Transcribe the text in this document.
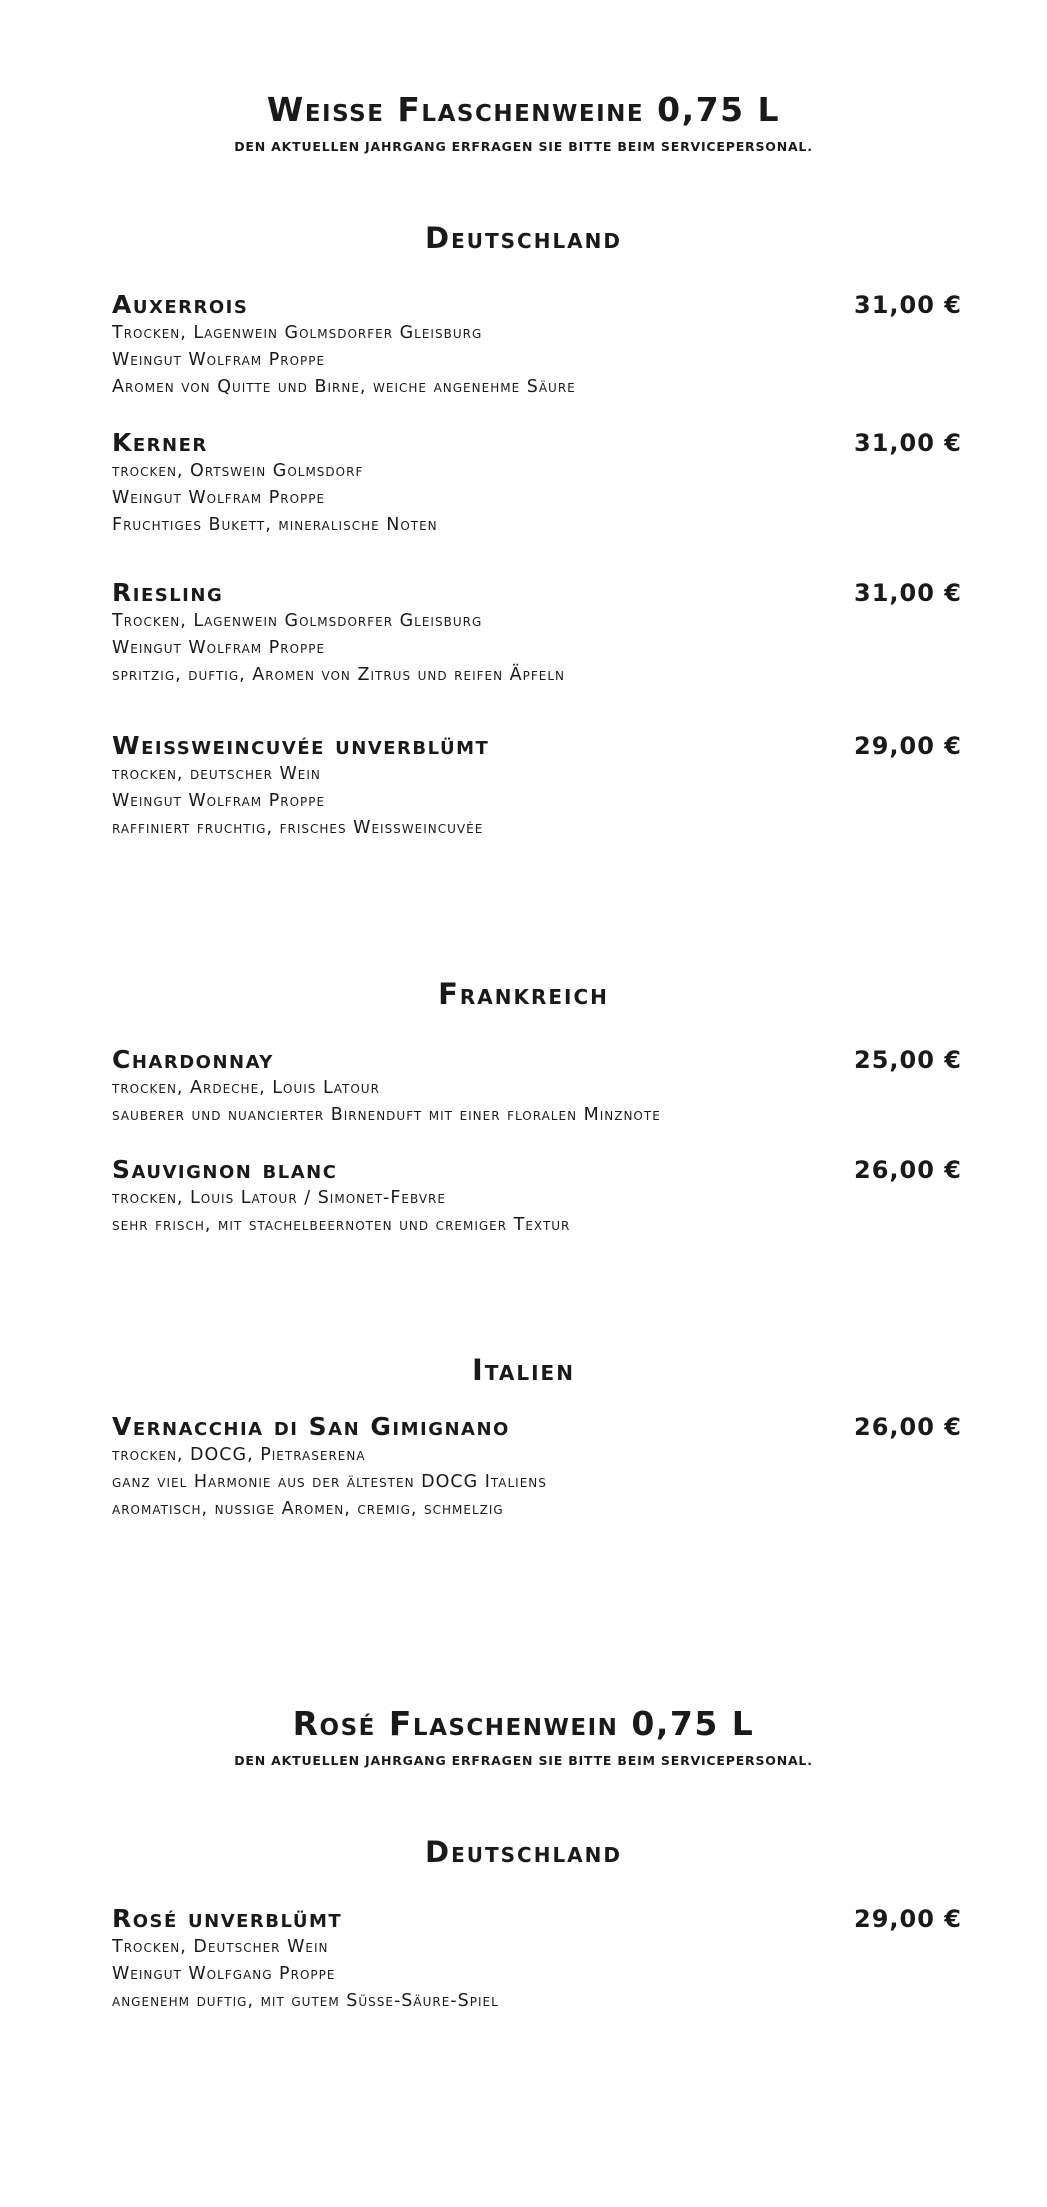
Weisse Flaschenweine 0,75 L
DEN AKTUELLEN JAHRGANG ERFRAGEN SIE BITTE BEIM SERVICEPERSONAL.
Deutschland
Auxerrois	31,00 €
Trocken, Lagenwein Golmsdorfer Gleisburg
Weingut Wolfram Proppe
Aromen von Quitte und Birne, weiche angenehme Säure
Kerner	31,00 €
trocken, Ortswein Golmsdorf
Weingut Wolfram Proppe
Fruchtiges Bukett, mineralische Noten
Riesling	31,00 €
Trocken, Lagenwein Golmsdorfer Gleisburg
Weingut Wolfram Proppe
spritzig, duftig, Aromen von Zitrus und reifen Äpfeln
Weissweincuvée unverblümt	29,00 €
trocken, deutscher Wein
Weingut Wolfram Proppe
raffiniert fruchtig, frisches Weissweincuvée
Frankreich
Chardonnay	25,00 €
trocken, Ardeche, Louis Latour
sauberer und nuancierter Birnenduft mit einer floralen Minznote
Sauvignon blanc	26,00 €
trocken, Louis Latour / Simonet-Febvre
sehr frisch, mit stachelbeernoten und cremiger Textur
Italien
Vernacchia di San Gimignano	26,00 €
trocken, DOCG, Pietraserena
ganz viel Harmonie aus der ältesten DOCG Italiens
aromatisch, nussige Aromen, cremig, schmelzig
Rosé Flaschenwein 0,75 L
DEN AKTUELLEN JAHRGANG ERFRAGEN SIE BITTE BEIM SERVICEPERSONAL.
Deutschland
Rosé unverblümt	29,00 €
Trocken, Deutscher Wein
Weingut Wolfgang Proppe
angenehm duftig, mit gutem Süsse-Säure-Spiel
